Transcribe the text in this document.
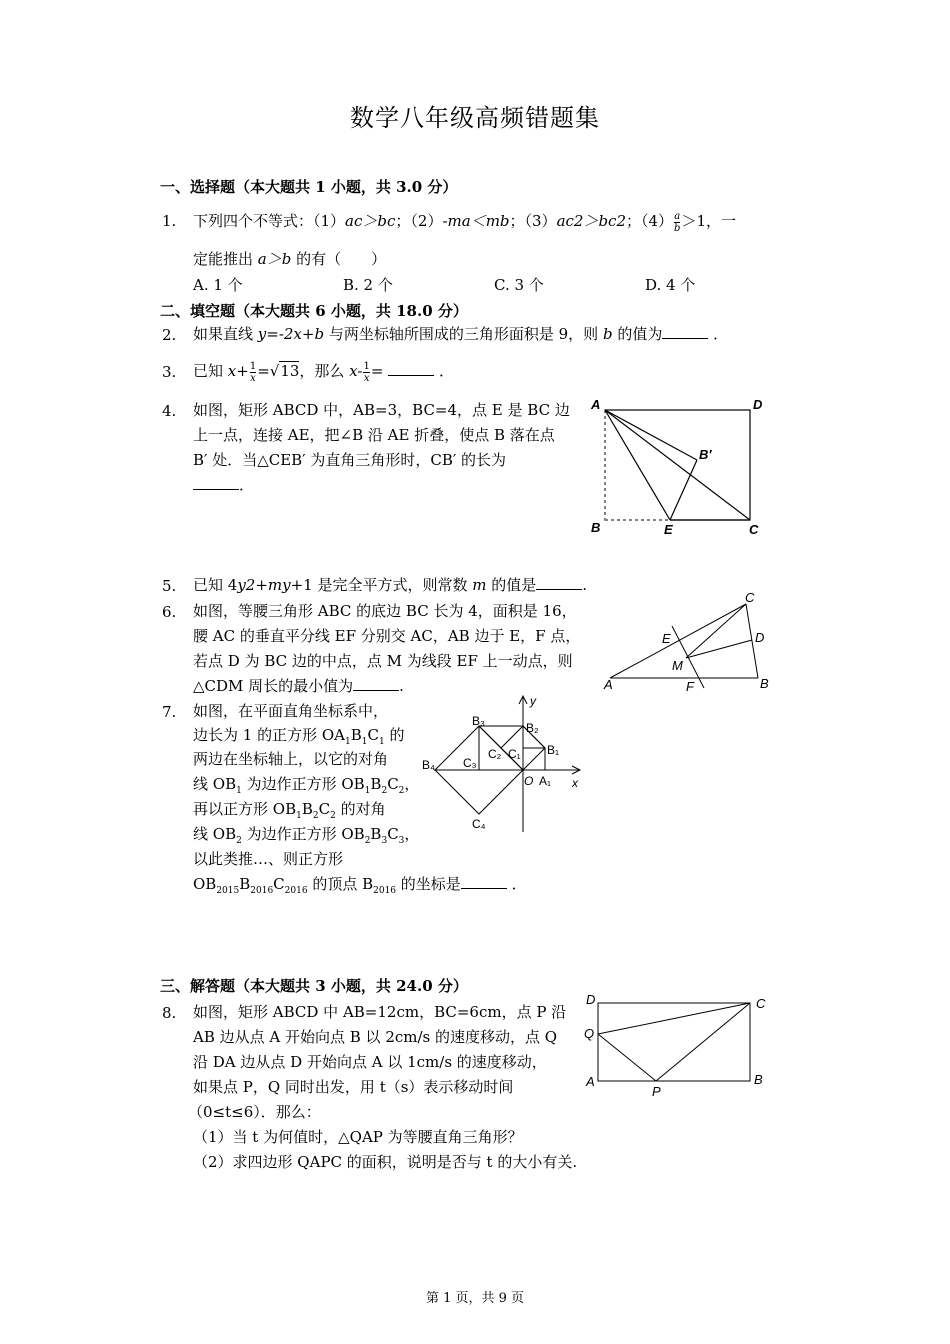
数学八年级高频错题集
一、选择题（本大题共 1 小题，共 3.0 分）
1. 下列四个不等式：（1）ac＞bc；（2）-ma＜mb；（3）ac2＞bc2；$(4) \frac{a}{b} >1$，一
定能推出 a＞b 的有（　　）
A. 1 个	B. 2 个	C. 3 个	D. 4 个
二、填空题（本大题共 6 小题，共 18.0 分）
2. 如果直线 y=-2x+b 与两坐标轴所围成的三角形面积是 9，则 b 的值为	．
3. 已知 $x+ \frac{1}{x} =√13$，那么 $x- \frac{1}{x}$ =	．
4. 如图，矩形 ABCD 中，AB=3，BC=4，点 E 是 BC 边
上一点，连接 AE，把∠B 沿 AE 折叠，使点 B 落在点
B′ 处．当△CEB′ 为直角三角形时，CB′ 的长为
．
A	D
B	E	C
B′
5. 已知 4y2+my+1 是完全平方式，则常数 m 的值是	.
6. 如图，等腰三角形 ABC 的底边 BC 长为 4，面积是 16，
腰 AC 的垂直平分线 EF 分别交 AC，AB 边于 E，F 点，
若点 D 为 BC 边的中点，点 M 为线段 EF 上一动点，则
△CDM 周长的最小值为	.	A	B
C
D
E
F
M
7. 如图，在平面直角坐标系中，
边长为 1 的正方形 $OA_1B_1C_1$ 的
两边在坐标轴上，以它的对角
线 $OB_1$ 为边作正方形 $OB_1B_2C_2$，
再以正方形 $OB_1B_2C_2$ 的对角
线 $OB_2$ 为边作正方形 $OB_2B_3C_3$，
以此类推…、则正方形
$OB_{2015}B_{2016}C_{2016}$ 的顶点 $B_{2016}$ 的坐标是	．
y
x
O A₁
B₁
B₂
B₃
B₄
C₁
C₂
C₃
C₄
三、解答题（本大题共 3 小题，共 24.0 分）
8. 如图，矩形 ABCD 中 AB=12cm，BC=6cm，点 P 沿
AB 边从点 A 开始向点 B 以 2cm/s 的速度移动，点 Q
沿 DA 边从点 D 开始向点 A 以 1cm/s 的速度移动，
如果点 P，Q 同时出发，用 t（s）表示移动时间
（0≤t≤6）．那么：
（1）当 t 为何值时，△QAP 为等腰直角三角形？
（2）求四边形 QAPC 的面积，说明是否与 t 的大小有关.
D	C
Q
A	B
P
第 1 页，共 9 页
